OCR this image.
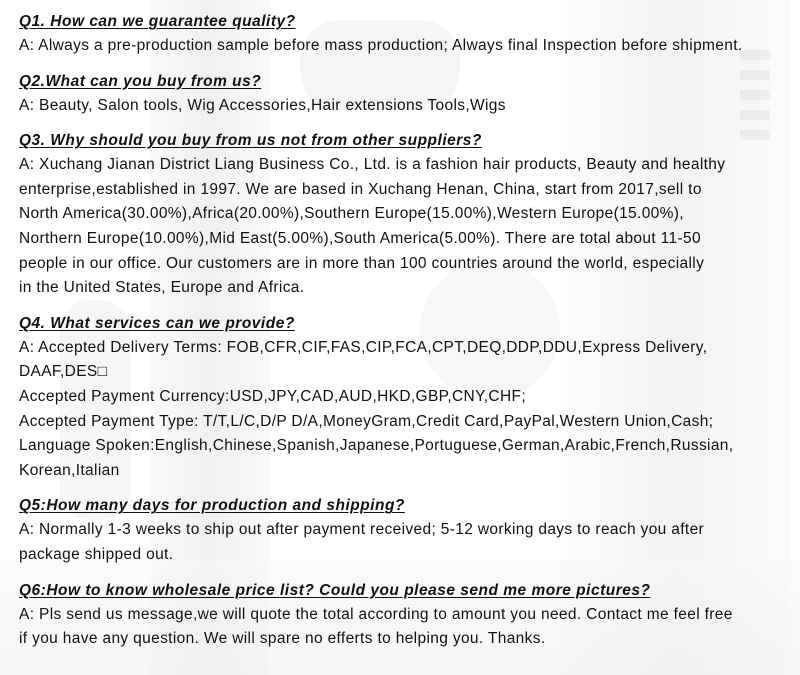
Q1. How can we guarantee quality?
A: Always a pre-production sample before mass production; Always final Inspection before shipment.
Q2.What can you buy from us?
A: Beauty, Salon tools, Wig Accessories,Hair extensions Tools,Wigs
Q3. Why should you buy from us not from other suppliers?
A: Xuchang Jianan District Liang Business Co., Ltd. is a fashion hair products, Beauty and healthy
enterprise,established in 1997. We are based in Xuchang Henan, China, start from 2017,sell to
North America(30.00%),Africa(20.00%),Southern Europe(15.00%),Western Europe(15.00%),
Northern Europe(10.00%),Mid East(5.00%),South America(5.00%). There are total about 11-50
people in our office. Our customers are in more than 100 countries around the world, especially
in the United States, Europe and Africa.
Q4. What services can we provide?
A: Accepted Delivery Terms: FOB,CFR,CIF,FAS,CIP,FCA,CPT,DEQ,DDP,DDU,Express Delivery,
DAAF,DES□
Accepted Payment Currency:USD,JPY,CAD,AUD,HKD,GBP,CNY,CHF;
Accepted Payment Type: T/T,L/C,D/P D/A,MoneyGram,Credit Card,PayPal,Western Union,Cash;
Language Spoken:English,Chinese,Spanish,Japanese,Portuguese,German,Arabic,French,Russian,
Korean,Italian
Q5:How many days for production and shipping?
A: Normally 1-3 weeks to ship out after payment received; 5-12 working days to reach you after
package shipped out.
Q6:How to know wholesale price list? Could you please send me more pictures?
A: Pls send us message,we will quote the total according to amount you need. Contact me feel free
if you have any question. We will spare no efferts to helping you. Thanks.
